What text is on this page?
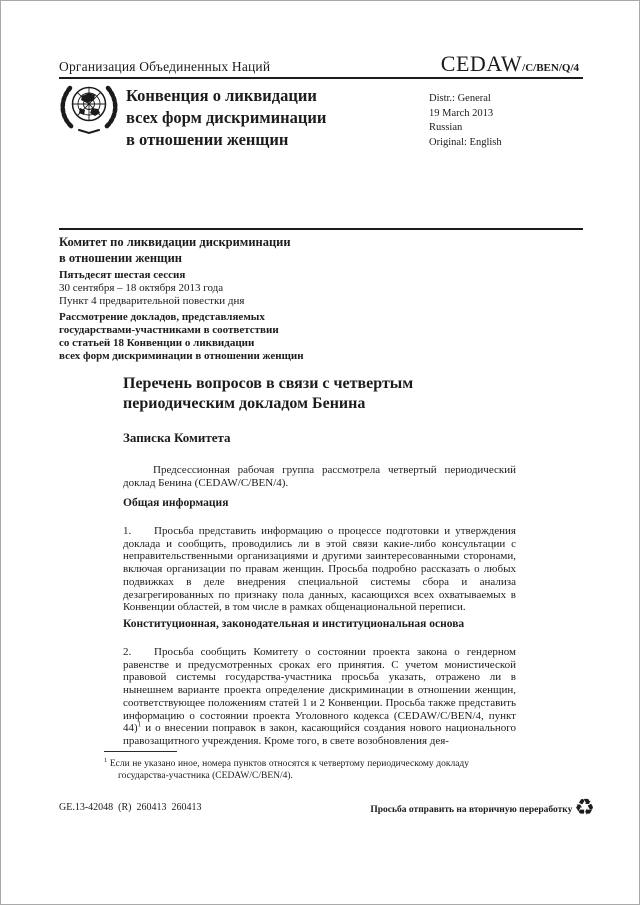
Организация Объединенных Наций	CEDAW/C/BEN/Q/4
Конвенция о ликвидации
всех форм дискриминации
в отношении женщин
Distr.: General
19 March 2013
Russian
Original: English
Комитет по ликвидации дискриминации
в отношении женщин
Пятьдесят шестая сессия
30 сентября – 18 октября 2013 года
Пункт 4 предварительной повестки дня
Рассмотрение докладов, представляемых
государствами-участниками в соответствии
со статьей 18 Конвенции о ликвидации
всех форм дискриминации в отношении женщин
Перечень вопросов в связи с четвертым
периодическим докладом Бенина
Записка Комитета

Предсессионная рабочая группа рассмотрела четвертый периодический доклад Бенина (CEDAW/C/BEN/4).

Общая информация

1. Просьба представить информацию о процессе подготовки и утверждения доклада и сообщить, проводились ли в этой связи какие-либо консультации с неправительственными организациями и другими заинтересованными сторонами, включая организации по правам женщин. Просьба подробно рассказать о любых подвижках в деле внедрения специальной системы сбора и анализа дезагрегированных по признаку пола данных, касающихся всех охватываемых в Конвенции областей, в том числе в рамках общенациональной переписи.

Конституционная, законодательная и институциональная основа

2. Просьба сообщить Комитету о состоянии проекта закона о гендерном равенстве и предусмотренных сроках его принятия. С учетом монистической правовой системы государства-участника просьба указать, отражено ли в нынешнем варианте проекта определение дискриминации в отношении женщин, соответствующее положениям статей 1 и 2 Конвенции. Просьба также представить информацию о состоянии проекта Уголовного кодекса (CEDAW/C/BEN/4, пункт 44)$^1$ и о внесении поправок в закон, касающийся создания нового национального правозащитного учреждения. Кроме того, в свете возобновления дея-

$^1$ Если не указано иное, номера пунктов относятся к четвертому периодическому докладу государства-участника (CEDAW/C/BEN/4).
GE.13-42048  (R)  260413  260413	Просьба отправить на вторичную переработку ♻
